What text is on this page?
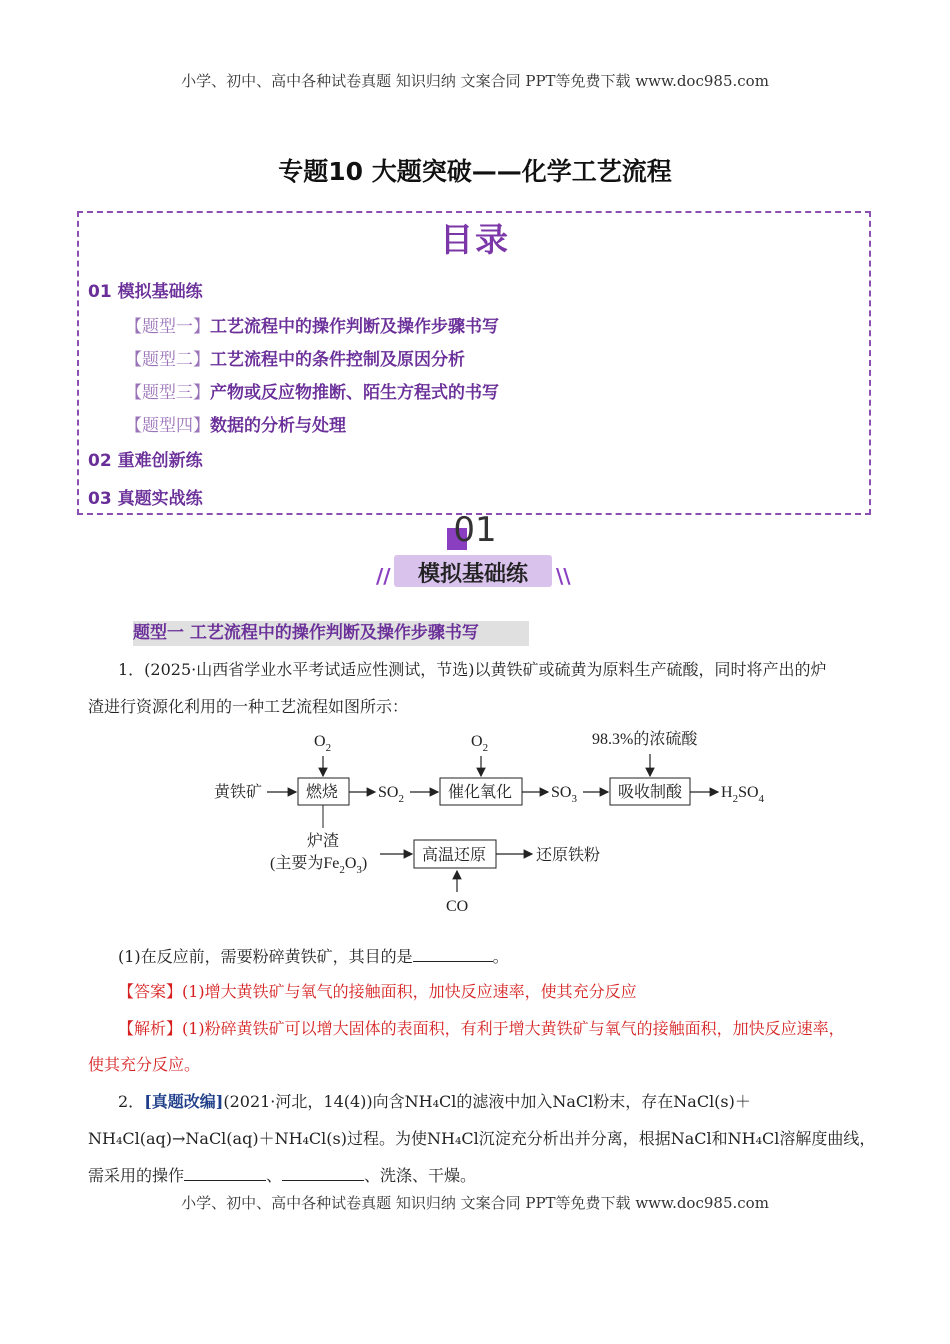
小学、初中、高中各种试卷真题 知识归纳 文案合同 PPT等免费下载 www.doc985.com
专题10 大题突破——化学工艺流程
目录
01 模拟基础练
【题型一】工艺流程中的操作判断及操作步骤书写
【题型二】工艺流程中的条件控制及原因分析
【题型三】产物或反应物推断、陌生方程式的书写
【题型四】数据的分析与处理
02 重难创新练
03 真题实战练
01
模拟基础练
//	\\
题型一 工艺流程中的操作判断及操作步骤书写
1．(2025·山西省学业水平考试适应性测试，节选)以黄铁矿或硫黄为原料生产硫酸，同时将产出的炉
渣进行资源化利用的一种工艺流程如图所示：
$O_2$	$O_2$	98.3%的浓硫酸
黄铁矿	燃烧 $SO_2$	催化氧化 $SO_3$	吸收制酸 $H_2SO_4$
炉渣
(主要为$Fe_2O_3$)	高温还原	还原铁粉
CO
(1)在反应前，需要粉碎黄铁矿，其目的是	。
【答案】(1)增大黄铁矿与氧气的接触面积，加快反应速率，使其充分反应
【解析】(1)粉碎黄铁矿可以增大固体的表面积，有利于增大黄铁矿与氧气的接触面积，加快反应速率，
使其充分反应。
2．[真题改编](2021·河北，14(4))向含NH₄Cl的滤液中加入NaCl粉末，存在NaCl(s)＋
NH₄Cl(aq)→NaCl(aq)＋NH₄Cl(s)过程。为使NH₄Cl沉淀充分析出并分离，根据NaCl和NH₄Cl溶解度曲线，
需采用的操作	、	、洗涤、干燥。
小学、初中、高中各种试卷真题 知识归纳 文案合同 PPT等免费下载 www.doc985.com
